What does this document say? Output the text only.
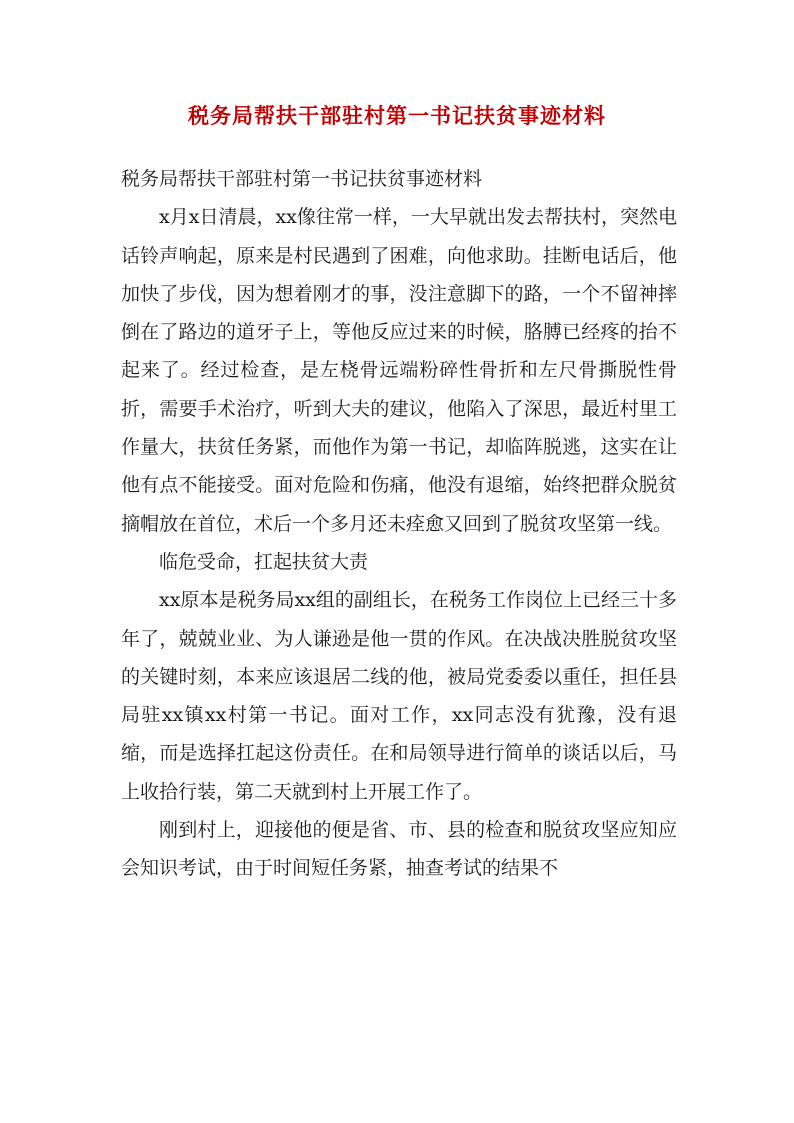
税务局帮扶干部驻村第一书记扶贫事迹材料

税务局帮扶干部驻村第一书记扶贫事迹材料

x月x日清晨，xx像往常一样，一大早就出发去帮扶村，突然电话铃声响起，原来是村民遇到了困难，向他求助。挂断电话后，他加快了步伐，因为想着刚才的事，没注意脚下的路，一个不留神摔倒在了路边的道牙子上，等他反应过来的时候，胳膊已经疼的抬不起来了。经过检查，是左桡骨远端粉碎性骨折和左尺骨撕脱性骨折，需要手术治疗，听到大夫的建议，他陷入了深思，最近村里工作量大，扶贫任务紧，而他作为第一书记，却临阵脱逃，这实在让他有点不能接受。面对危险和伤痛，他没有退缩，始终把群众脱贫摘帽放在首位，术后一个多月还未痊愈又回到了脱贫攻坚第一线。

临危受命，扛起扶贫大责

xx原本是税务局xx组的副组长，在税务工作岗位上已经三十多年了，兢兢业业、为人谦逊是他一贯的作风。在决战决胜脱贫攻坚的关键时刻，本来应该退居二线的他，被局党委委以重任，担任县局驻xx镇xx村第一书记。面对工作，xx同志没有犹豫，没有退缩，而是选择扛起这份责任。在和局领导进行简单的谈话以后，马上收拾行装，第二天就到村上开展工作了。

刚到村上，迎接他的便是省、市、县的检查和脱贫攻坚应知应会知识考试，由于时间短任务紧，抽查考试的结果不
